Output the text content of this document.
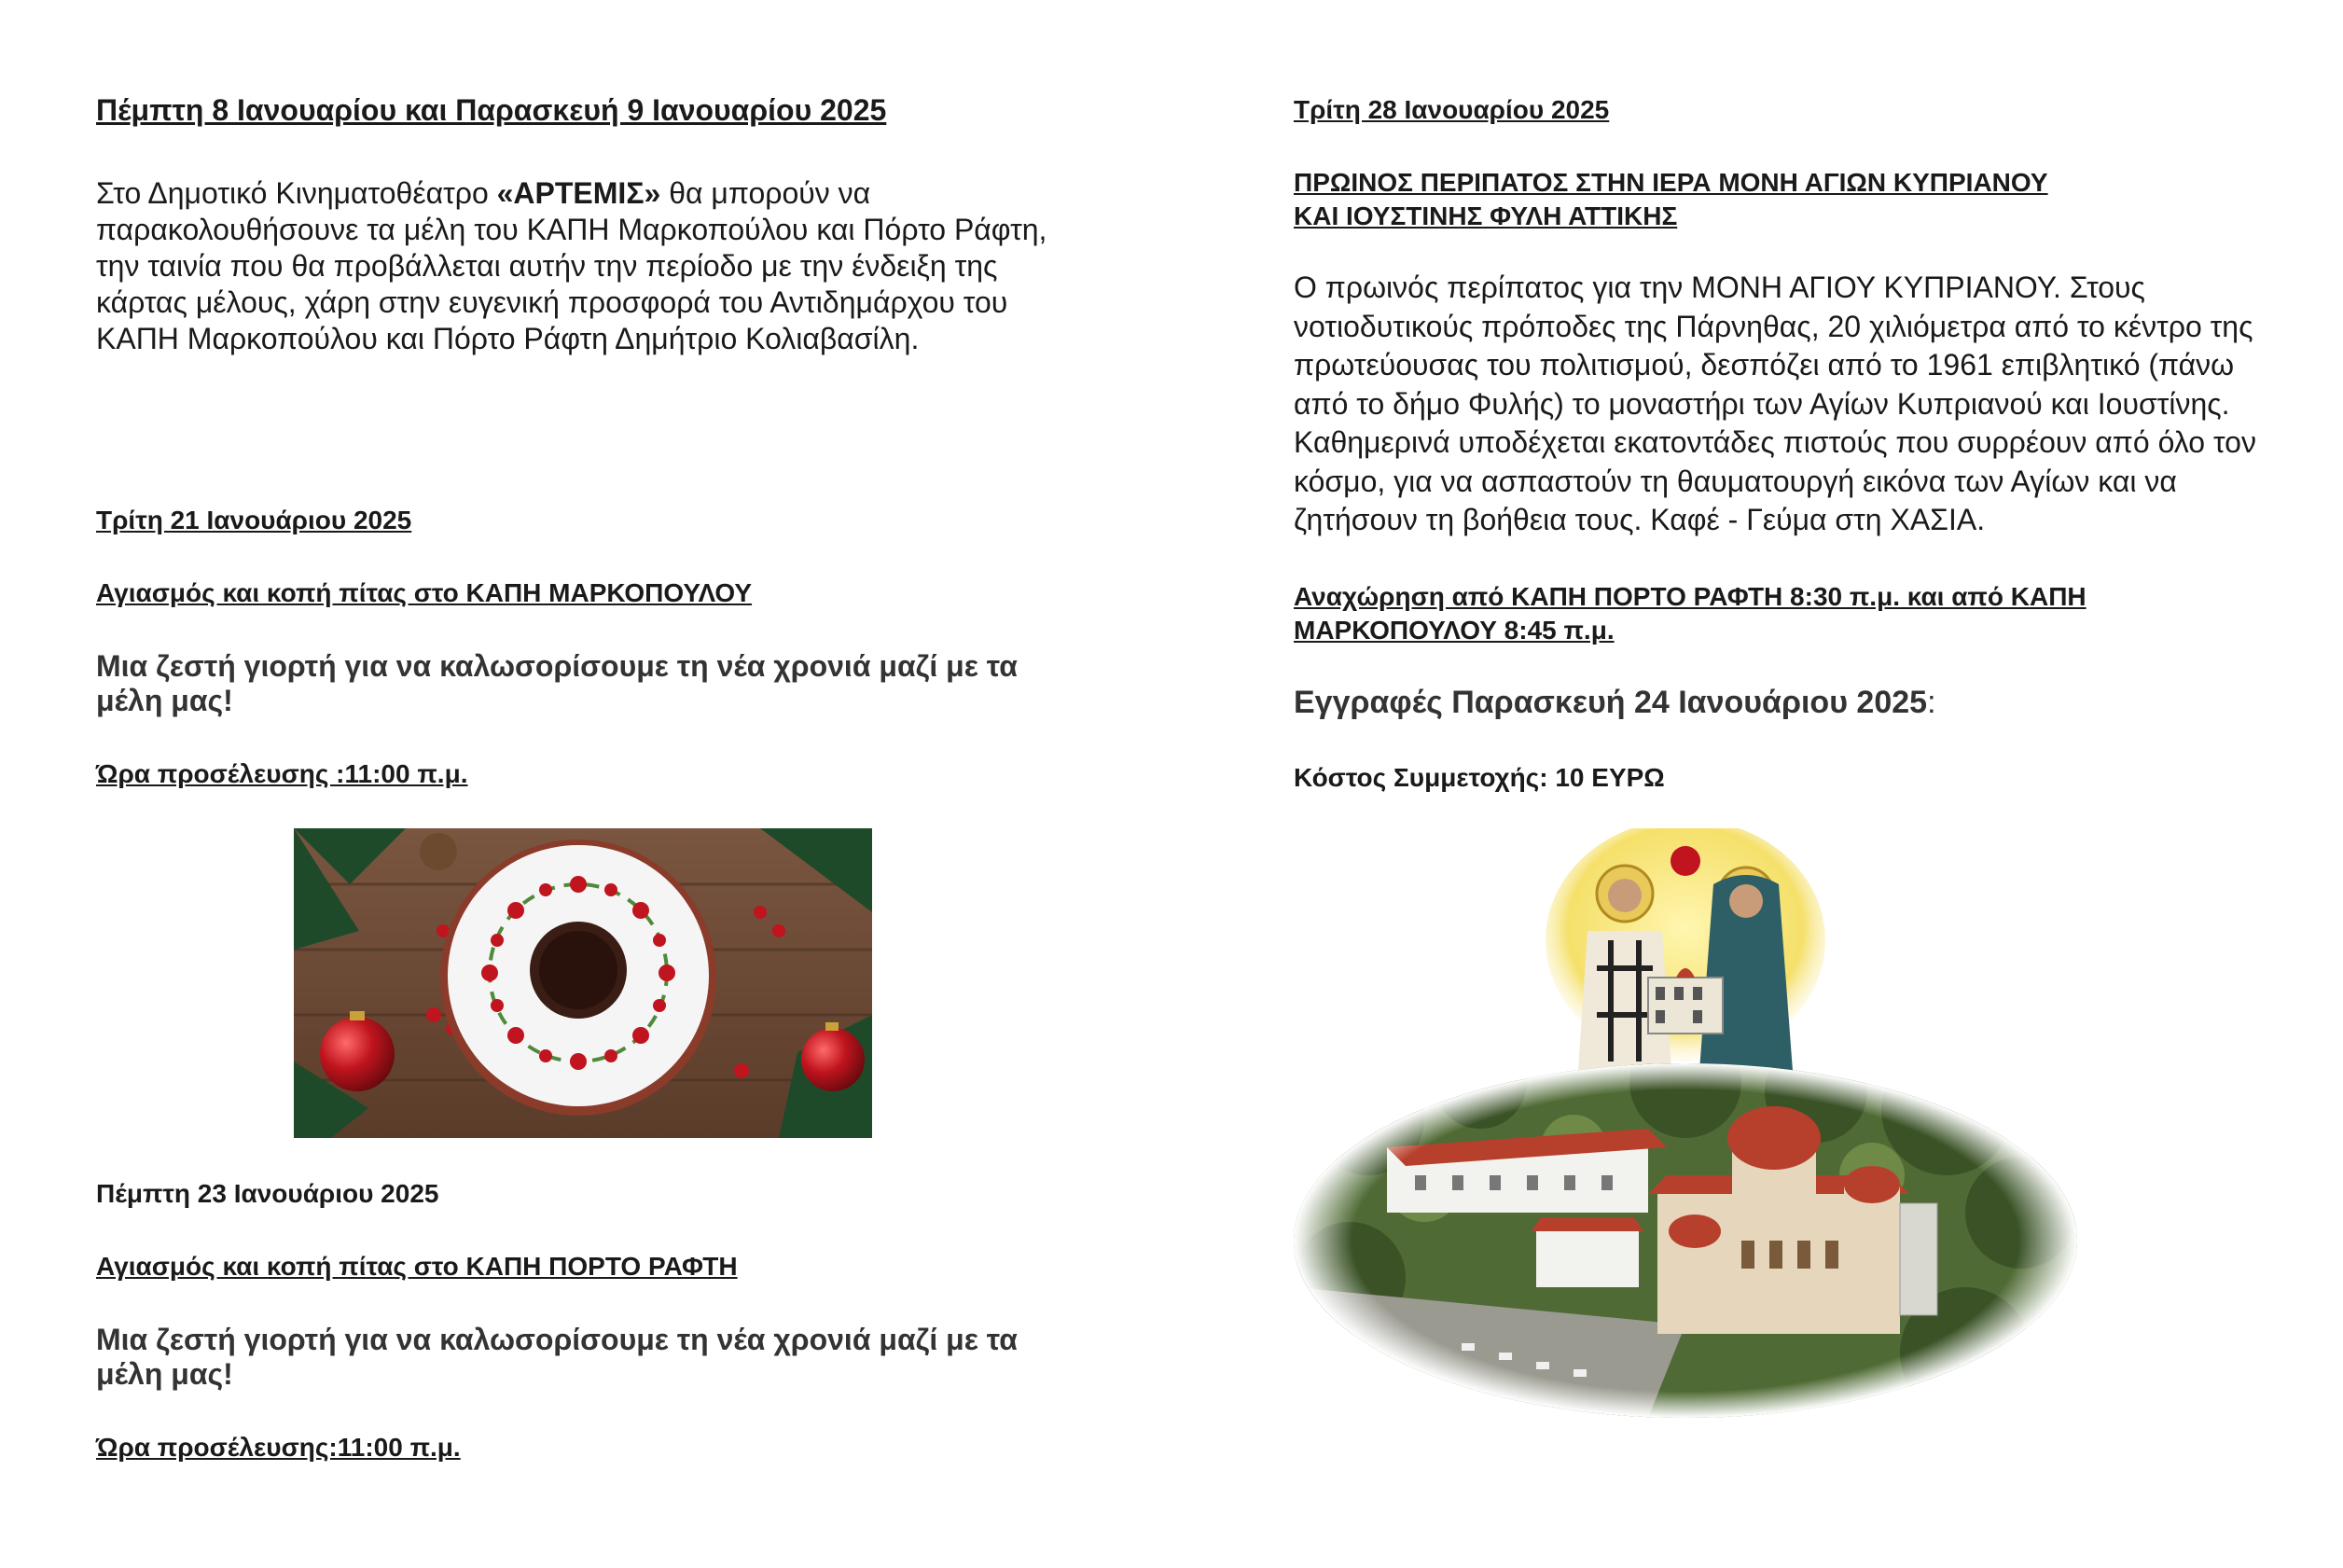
Πέμπτη 8 Ιανουαρίου και Παρασκευή 9 Ιανουαρίου 2025

Στο Δημοτικό Κινηματοθέατρο «ΑΡΤΕΜΙΣ» θα μπορούν να παρακολουθήσουνε τα μέλη του ΚΑΠΗ Μαρκοπούλου και Πόρτο Ράφτη, την ταινία που θα προβάλλεται αυτήν την περίοδο με την ένδειξη της κάρτας μέλους, χάρη στην ευγενική προσφορά του Αντιδημάρχου του ΚΑΠΗ Μαρκοπούλου και Πόρτο Ράφτη Δημήτριο Κολιαβασίλη.

Τρίτη 21 Ιανουάριου 2025

Αγιασμός και κοπή πίτας στο ΚΑΠΗ ΜΑΡΚΟΠΟΥΛΟΥ

Μια ζεστή γιορτή για να καλωσορίσουμε τη νέα χρονιά μαζί με τα μέλη μας!

Ώρα προσέλευσης :11:00 π.μ.

Πέμπτη 23 Ιανουάριου 2025

Αγιασμός και κοπή πίτας στο ΚΑΠΗ ΠΟΡΤΟ ΡΑΦΤΗ

Μια ζεστή γιορτή για να καλωσορίσουμε τη νέα χρονιά μαζί με τα μέλη μας!

Ώρα προσέλευσης:11:00 π.μ.

Τρίτη 28 Ιανουαρίου 2025

ΠΡΩΙΝΟΣ ΠΕΡΙΠΑΤΟΣ ΣΤΗΝ ΙΕΡΑ ΜΟΝΗ ΑΓΙΩΝ ΚΥΠΡΙΑΝΟΥ
ΚΑΙ ΙΟΥΣΤΙΝΗΣ ΦΥΛΗ ΑΤΤΙΚΗΣ

Ο πρωινός περίπατος για την ΜΟΝΗ ΑΓΙΟΥ ΚΥΠΡΙΑΝΟΥ. Στους νοτιοδυτικούς πρόποδες της Πάρνηθας, 20 χιλιόμετρα από το κέντρο της πρωτεύουσας του πολιτισμού, δεσπόζει από το 1961 επιβλητικό (πάνω από το δήμο Φυλής) το μοναστήρι των Αγίων Κυπριανού και Ιουστίνης. Καθημερινά υποδέχεται εκατοντάδες πιστούς που συρρέουν από όλο τον κόσμο, για να ασπαστούν τη θαυματουργή εικόνα των Αγίων και να ζητήσουν τη βοήθεια τους. Καφέ - Γεύμα στη ΧΑΣΙΑ.

Αναχώρηση από ΚΑΠΗ ΠΟΡΤΟ ΡΑΦΤΗ 8:30 π.μ. και από ΚΑΠΗ
ΜΑΡΚΟΠΟΥΛΟΥ 8:45 π.μ.

Εγγραφές Παρασκευή 24 Ιανουάριου 2025:

Κόστος Συμμετοχής: 10 ΕΥΡΩ
